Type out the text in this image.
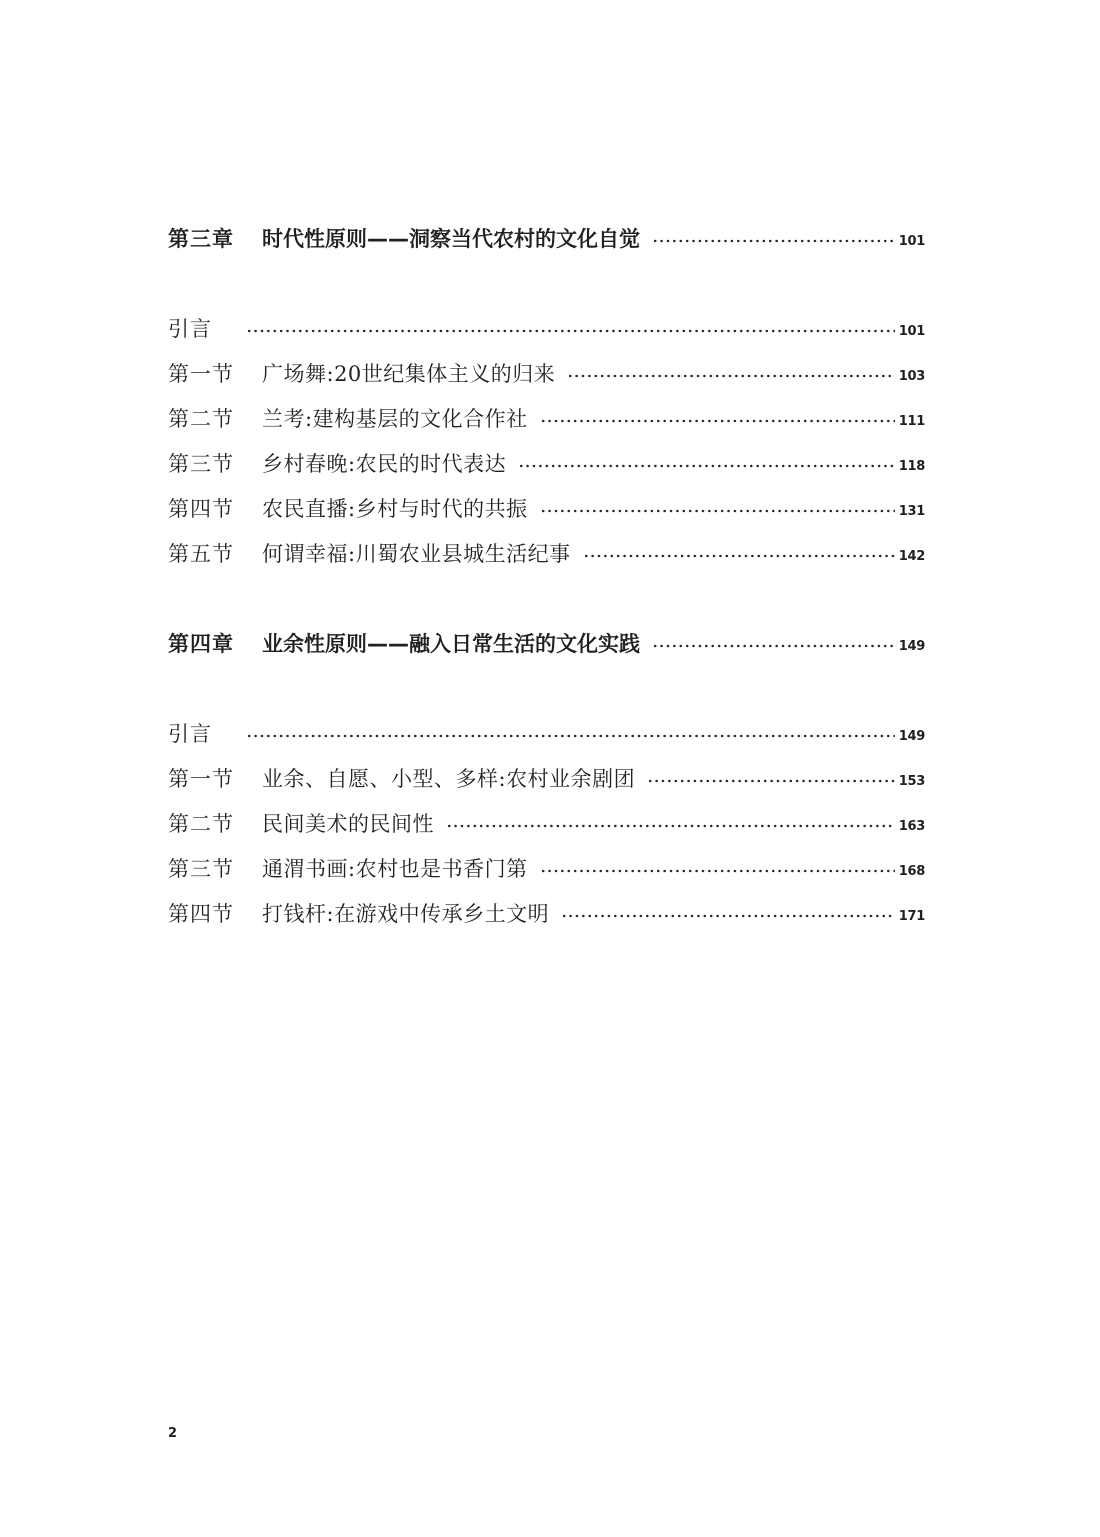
第三章	时代性原则——洞察当代农村的文化自觉	101
引言	101
第一节	广场舞:20世纪集体主义的归来	103
第二节	兰考:建构基层的文化合作社	111
第三节	乡村春晚:农民的时代表达	118
第四节	农民直播:乡村与时代的共振	131
第五节	何谓幸福:川蜀农业县城生活纪事	142
第四章	业余性原则——融入日常生活的文化实践	149
引言	149
第一节	业余、自愿、小型、多样:农村业余剧团	153
第二节	民间美术的民间性	163
第三节	通渭书画:农村也是书香门第	168
第四节	打钱杆:在游戏中传承乡土文明	171
2
